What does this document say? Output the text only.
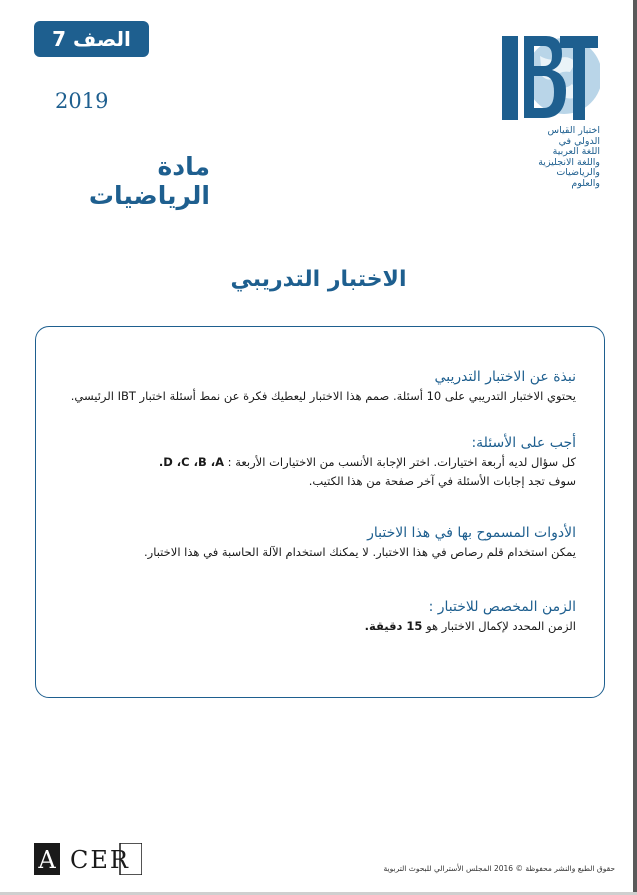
الصف 7
2019
مادة الرياضيات
اختبار القياس
الدولي في
اللغة العربية
واللغة الانجليزية
والرياضيات
والعلوم
الاختبار التدريبي
نبذة عن الاختبار التدريبي
يحتوي الاختبار التدريبي على 10 أسئلة. صمم هذا الاختبار ليعطيك فكرة عن نمط أسئلة اختبار IBT الرئيسي.
أجب على الأسئلة:
كل سؤال لديه أربعة اختيارات. اختر الإجابة الأنسب من الاختيارات الأربعة : D ،C ،B ،A.
سوف تجد إجابات الأسئلة في آخر صفحة من هذا الكتيب.
الأدوات المسموح بها في هذا الاختبار
يمكن استخدام قلم رصاص في هذا الاختبار. لا يمكنك استخدام الآلة الحاسبة في هذا الاختبار.
الزمن المخصص للاختبار :
الزمن المحدد لإكمال الاختبار هو 15 دقيقة.
A CER	حقوق الطبع والنشر محفوظة © 2016 المجلس الأسترالي للبحوث التربوية
